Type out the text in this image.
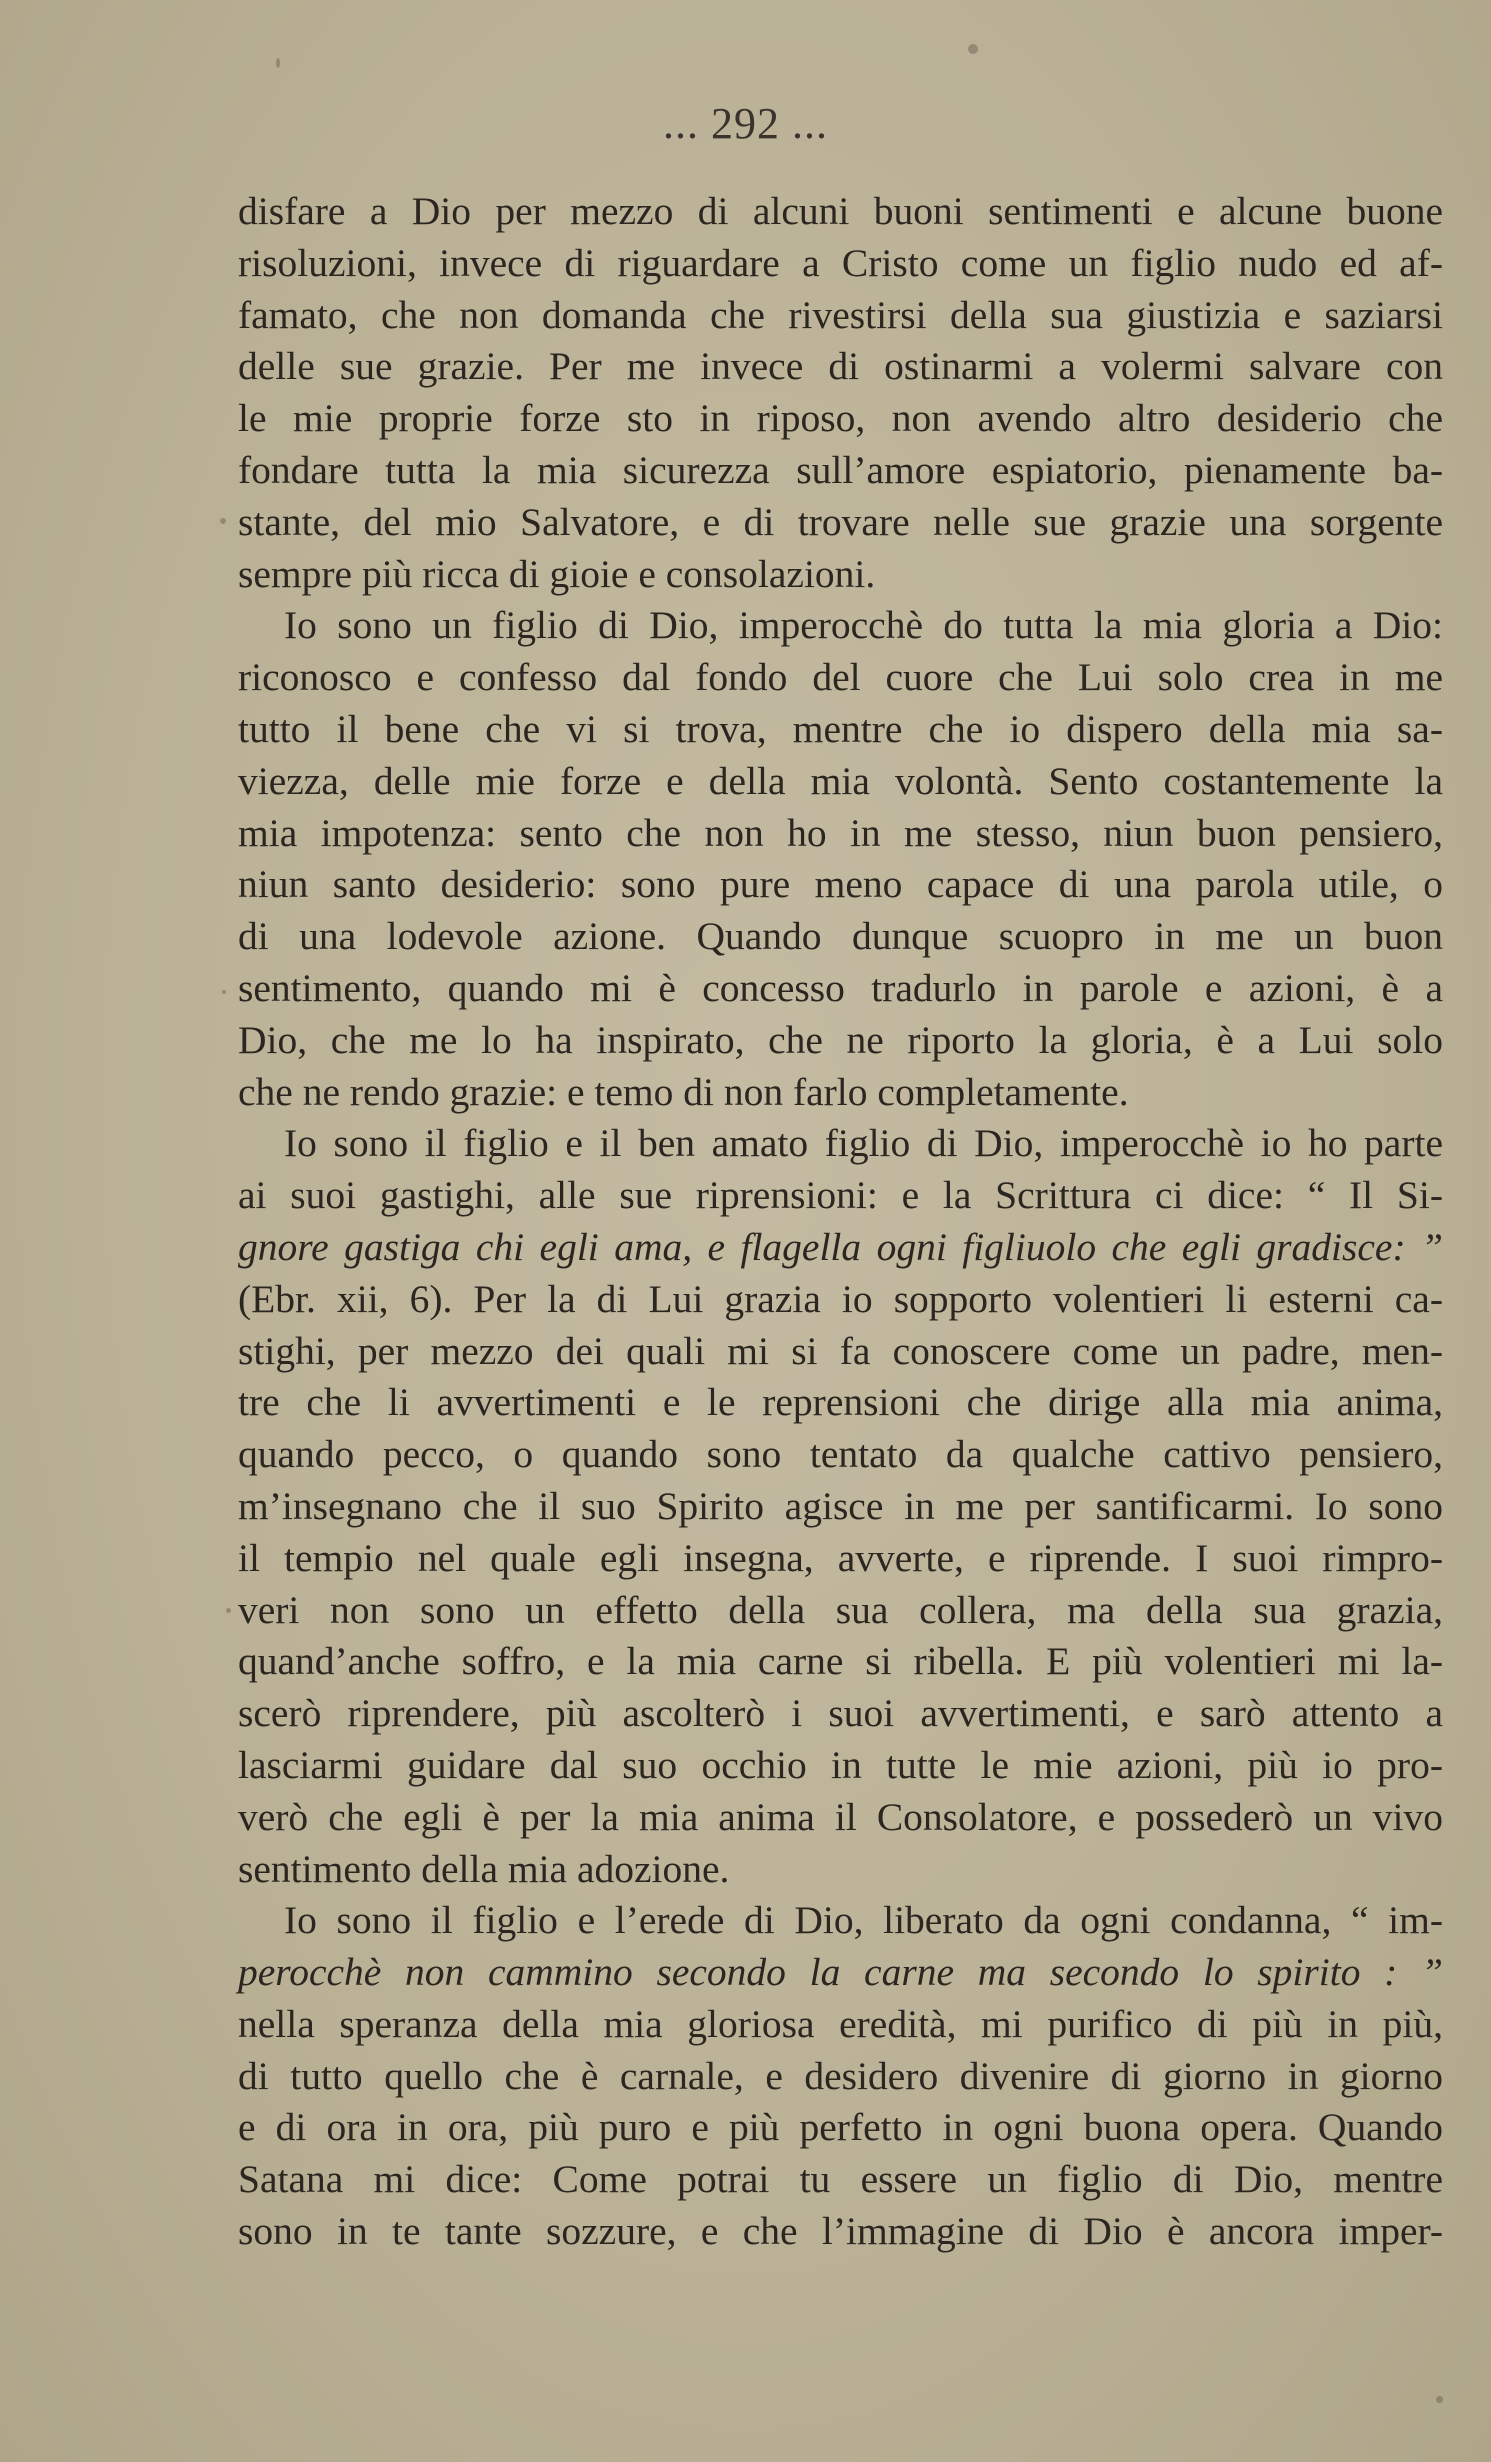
... 292 ...
disfare a Dio per mezzo di alcuni buoni sentimenti e alcune buone
risoluzioni, invece di riguardare a Cristo come un figlio nudo ed af-
famato, che non domanda che rivestirsi della sua giustizia e saziarsi
delle sue grazie. Per me invece di ostinarmi a volermi salvare con
le mie proprie forze sto in riposo, non avendo altro desiderio che
fondare tutta la mia sicurezza sull’amore espiatorio, pienamente ba-
stante, del mio Salvatore, e di trovare nelle sue grazie una sorgente
sempre più ricca di gioie e consolazioni.
Io sono un figlio di Dio, imperocchè do tutta la mia gloria a Dio:
riconosco e confesso dal fondo del cuore che Lui solo crea in me
tutto il bene che vi si trova, mentre che io dispero della mia sa-
viezza, delle mie forze e della mia volontà. Sento costantemente la
mia impotenza: sento che non ho in me stesso, niun buon pensiero,
niun santo desiderio: sono pure meno capace di una parola utile, o
di una lodevole azione. Quando dunque scuopro in me un buon
sentimento, quando mi è concesso tradurlo in parole e azioni, è a
Dio, che me lo ha inspirato, che ne riporto la gloria, è a Lui solo
che ne rendo grazie: e temo di non farlo completamente.
Io sono il figlio e il ben amato figlio di Dio, imperocchè io ho parte
ai suoi gastighi, alle sue riprensioni: e la Scrittura ci dice: “ Il Si-
gnore gastiga chi egli ama, e flagella ogni figliuolo che egli gradisce: ”
(Ebr. xii, 6). Per la di Lui grazia io sopporto volentieri li esterni ca-
stighi, per mezzo dei quali mi si fa conoscere come un padre, men-
tre che li avvertimenti e le reprensioni che dirige alla mia anima,
quando pecco, o quando sono tentato da qualche cattivo pensiero,
m’insegnano che il suo Spirito agisce in me per santificarmi. Io sono
il tempio nel quale egli insegna, avverte, e riprende. I suoi rimpro-
veri non sono un effetto della sua collera, ma della sua grazia,
quand’anche soffro, e la mia carne si ribella. E più volentieri mi la-
scerò riprendere, più ascolterò i suoi avvertimenti, e sarò attento a
lasciarmi guidare dal suo occhio in tutte le mie azioni, più io pro-
verò che egli è per la mia anima il Consolatore, e possederò un vivo
sentimento della mia adozione.
Io sono il figlio e l’erede di Dio, liberato da ogni condanna, “ im-
perocchè non cammino secondo la carne ma secondo lo spirito : ”
nella speranza della mia gloriosa eredità, mi purifico di più in più,
di tutto quello che è carnale, e desidero divenire di giorno in giorno
e di ora in ora, più puro e più perfetto in ogni buona opera. Quando
Satana mi dice: Come potrai tu essere un figlio di Dio, mentre
sono in te tante sozzure, e che l’immagine di Dio è ancora imper-
